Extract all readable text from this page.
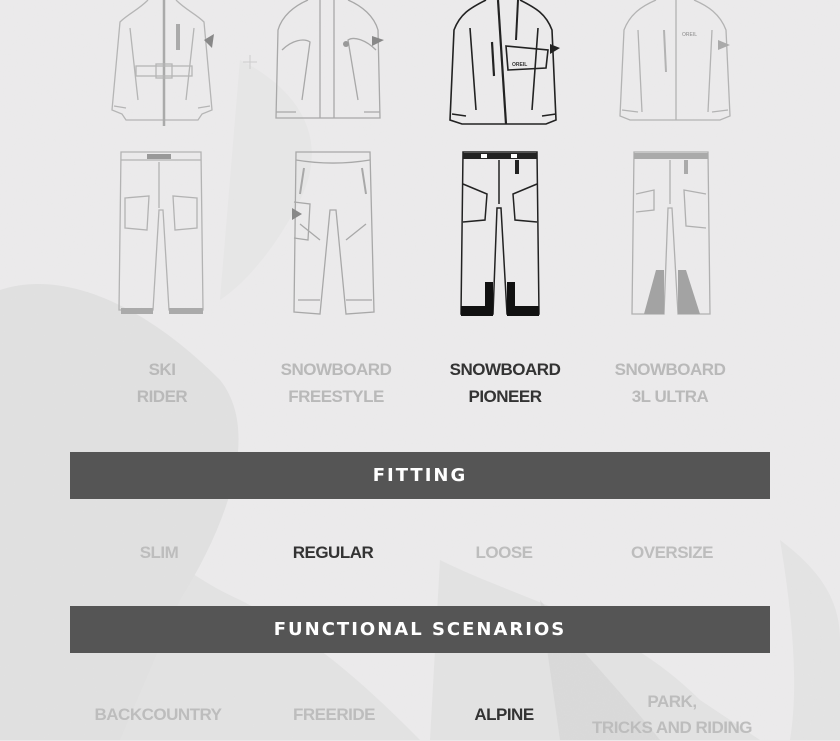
OREIL
OREIL
SKI
RIDER
SNOWBOARD
FREESTYLE
SNOWBOARD
PIONEER
SNOWBOARD
3L ULTRA
FITTING
SLIM	REGULAR	LOOSE	OVERSIZE
FUNCTIONAL SCENARIOS
BACKCOUNTRY	FREERIDE	ALPINE
PARK,
TRICKS AND RIDING
